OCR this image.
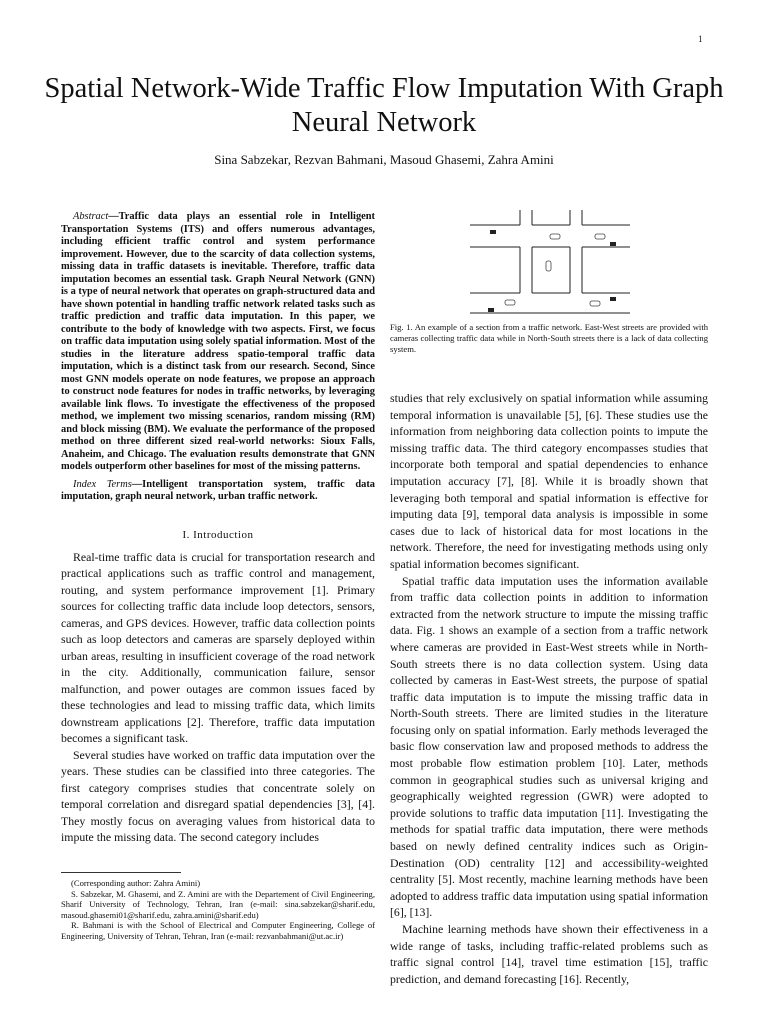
1
Spatial Network-Wide Traffic Flow Imputation With Graph Neural Network
Sina Sabzekar, Rezvan Bahmani, Masoud Ghasemi, Zahra Amini

Abstract—Traffic data plays an essential role in Intelligent Transportation Systems (ITS) and offers numerous advantages, including efficient traffic control and system performance improvement. However, due to the scarcity of data collection systems, missing data in traffic datasets is inevitable. Therefore, traffic data imputation becomes an essential task. Graph Neural Network (GNN) is a type of neural network that operates on graph-structured data and have shown potential in handling traffic network related tasks such as traffic prediction and traffic data imputation. In this paper, we contribute to the body of knowledge with two aspects. First, we focus on traffic data imputation using solely spatial information. Most of the studies in the literature address spatio-temporal traffic data imputation, which is a distinct task from our research. Second, Since most GNN models operate on node features, we propose an approach to construct node features for nodes in traffic networks, by leveraging available link flows. To investigate the effectiveness of the proposed method, we implement two missing scenarios, random missing (RM) and block missing (BM). We evaluate the performance of the proposed method on three different sized real-world networks: Sioux Falls, Anaheim, and Chicago. The evaluation results demonstrate that GNN models outperform other baselines for most of the missing patterns.

Index Terms—Intelligent transportation system, traffic data imputation, graph neural network, urban traffic network.

I. Introduction

Real-time traffic data is crucial for transportation research and practical applications such as traffic control and management, routing, and system performance improvement [1]. Primary sources for collecting traffic data include loop detectors, sensors, cameras, and GPS devices. However, traffic data collection points such as loop detectors and cameras are sparsely deployed within urban areas, resulting in insufficient coverage of the road network in the city. Additionally, communication failure, sensor malfunction, and power outages are common issues faced by these technologies and lead to missing traffic data, which limits downstream applications [2]. Therefore, traffic data imputation becomes a significant task.

Several studies have worked on traffic data imputation over the years. These studies can be classified into three categories. The first category comprises studies that concentrate solely on temporal correlation and disregard spatial dependencies [3], [4]. They mostly focus on averaging values from historical data to impute the missing data. The second category includes

(Corresponding author: Zahra Amini)

S. Sabzekar, M. Ghasemi, and Z. Amini are with the Departement of Civil Engineering, Sharif University of Technology, Tehran, Iran (e-mail: sina.sabzekar@sharif.edu, masoud.ghasemi01@sharif.edu, zahra.amini@sharif.edu)

R. Bahmani is with the School of Electrical and Computer Engineering, College of Engineering, University of Tehran, Tehran, Iran (e-mail: rezvanbahmani@ut.ac.ir)

Fig. 1. An example of a section from a traffic network. East-West streets are provided with cameras collecting traffic data while in North-South streets there is a lack of data collecting system.

studies that rely exclusively on spatial information while assuming temporal information is unavailable [5], [6]. These studies use the information from neighboring data collection points to impute the missing traffic data. The third category encompasses studies that incorporate both temporal and spatial dependencies to enhance imputation accuracy [7], [8]. While it is broadly shown that leveraging both temporal and spatial information is effective for imputing data [9], temporal data analysis is impossible in some cases due to lack of historical data for most locations in the network. Therefore, the need for investigating methods using only spatial information becomes significant.

Spatial traffic data imputation uses the information available from traffic data collection points in addition to information extracted from the network structure to impute the missing traffic data. Fig. 1 shows an example of a section from a traffic network where cameras are provided in East-West streets while in North-South streets there is no data collection system. Using data collected by cameras in East-West streets, the purpose of spatial traffic data imputation is to impute the missing traffic data in North-South streets. There are limited studies in the literature focusing only on spatial information. Early methods leveraged the basic flow conservation law and proposed methods to address the most probable flow estimation problem [10]. Later, methods common in geographical studies such as universal kriging and geographically weighted regression (GWR) were adopted to provide solutions to traffic data imputation [11]. Investigating the methods for spatial traffic data imputation, there were methods based on newly defined centrality indices such as Origin-Destination (OD) centrality [12] and accessibility-weighted centrality [5]. Most recently, machine learning methods have been adopted to address traffic data imputation using spatial information [6], [13].

Machine learning methods have shown their effectiveness in a wide range of tasks, including traffic-related problems such as traffic signal control [14], travel time estimation [15], traffic prediction, and demand forecasting [16]. Recently,
